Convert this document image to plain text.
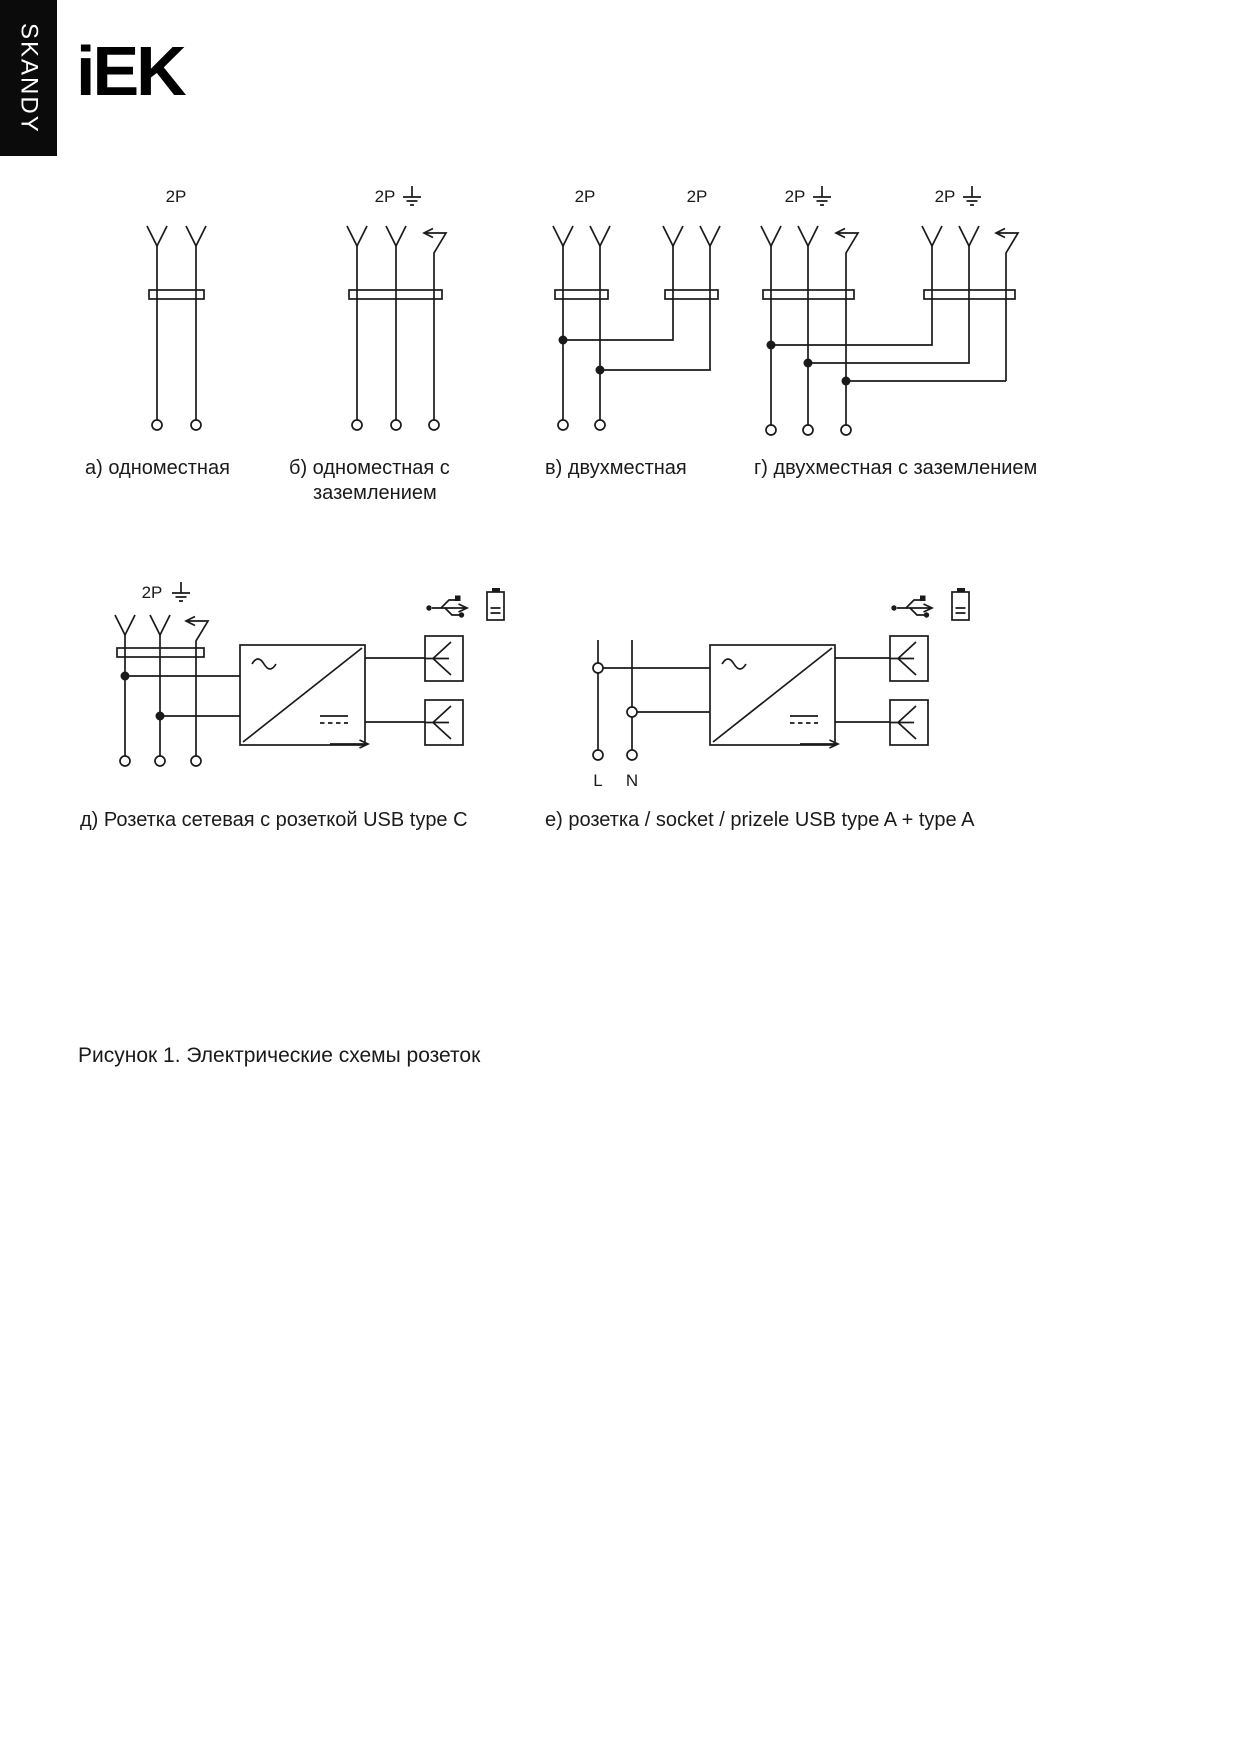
SKANDY iEK
2P	2P	2P	2P	2P	2P
2P
L N
а) одноместная	б) одноместная с
заземлением
в) двухместная	г) двухместная с заземлением
д) Розетка сетевая с розеткой USB type C	е) розетка / socket / prizele USB type A + type A
Рисунок 1. Электрические схемы розеток
